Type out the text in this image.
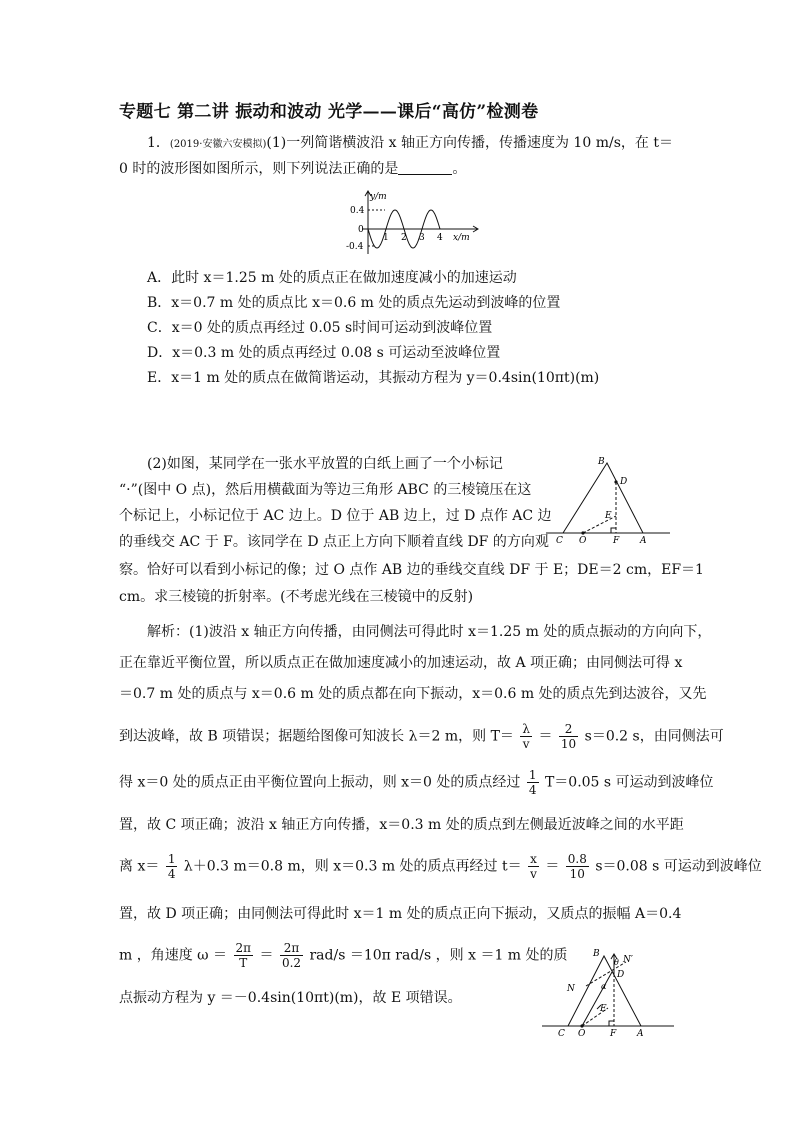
专题七 第二讲 振动和波动 光学——课后“高仿”检测卷
1．(2019·安徽六安模拟)(1)一列简谐横波沿 x 轴正方向传播，传播速度为 10 m/s，在 t＝
0 时的波形图如图所示，则下列说法正确的是	。
y/m
x/m
0.4
0
-0.4
1 2 3 4
A．此时 x＝1.25 m 处的质点正在做加速度减小的加速运动
B．x＝0.7 m 处的质点比 x＝0.6 m 处的质点先运动到波峰的位置
C．x＝0 处的质点再经过 0.05 s时间可运动到波峰位置
D．x＝0.3 m 处的质点再经过 0.08 s 可运动至波峰位置
E．x＝1 m 处的质点在做简谐运动，其振动方程为 y＝0.4sin(10πt)(m)
(2)如图，某同学在一张水平放置的白纸上画了一个小标记
“·”(图中 O 点)，然后用横截面为等边三角形 ABC 的三棱镜压在这
个标记上，小标记位于 AC 边上。D 位于 AB 边上，过 D 点作 AC 边
的垂线交 AC 于 F。该同学在 D 点正上方向下顺着直线 DF 的方向观
察。恰好可以看到小标记的像；过 O 点作 AB 边的垂线交直线 DF 于 E；DE＝2 cm，EF＝1
cm。求三棱镜的折射率。(不考虑光线在三棱镜中的反射)
B
D
E
C O	F A
解析：(1)波沿 x 轴正方向传播，由同侧法可得此时 x＝1.25 m 处的质点振动的方向向下，
正在靠近平衡位置，所以质点正在做加速度减小的加速运动，故 A 项正确；由同侧法可得 x
＝0.7 m 处的质点与 x＝0.6 m 处的质点都在向下振动，x＝0.6 m 处的质点先到达波谷，又先
到达波峰，故 B 项错误；据题给图像可知波长 λ＝2 m，则 $T= \frac{\lambda}{v} = \frac{2}{10} s=0.2$ s，由同侧法可
得 x＝0 处的质点正由平衡位置向上振动，则 x＝0 处的质点经过 $\frac{1}{4} T=0.05$ s 可运动到波峰位
置，故 C 项正确；波沿 x 轴正方向传播，x＝0.3 m 处的质点到左侧最近波峰之间的水平距
离 $x= \frac{1}{4} \lambda+0.3$ m＝0.8 m，则 x＝0.3 m 处的质点再经过 $t= \frac{x}{v} = \frac{0.8}{10} s=0.08$ s 可运动到波峰位
置，故 D 项正确；由同侧法可得此时 x＝1 m 处的质点正向下振动，又质点的振幅 A＝0.4
m ，角速度 $\omega = \frac{2\pi}{T} = \frac{2\pi}{0.2} rad/s =10\pi$ rad/s ，则 x ＝1 m 处的质
点振动方程为 y ＝－0.4sin(10πt)(m)，故 E 项错误。
B
θ N′
D
N	α
E
C O	F A
